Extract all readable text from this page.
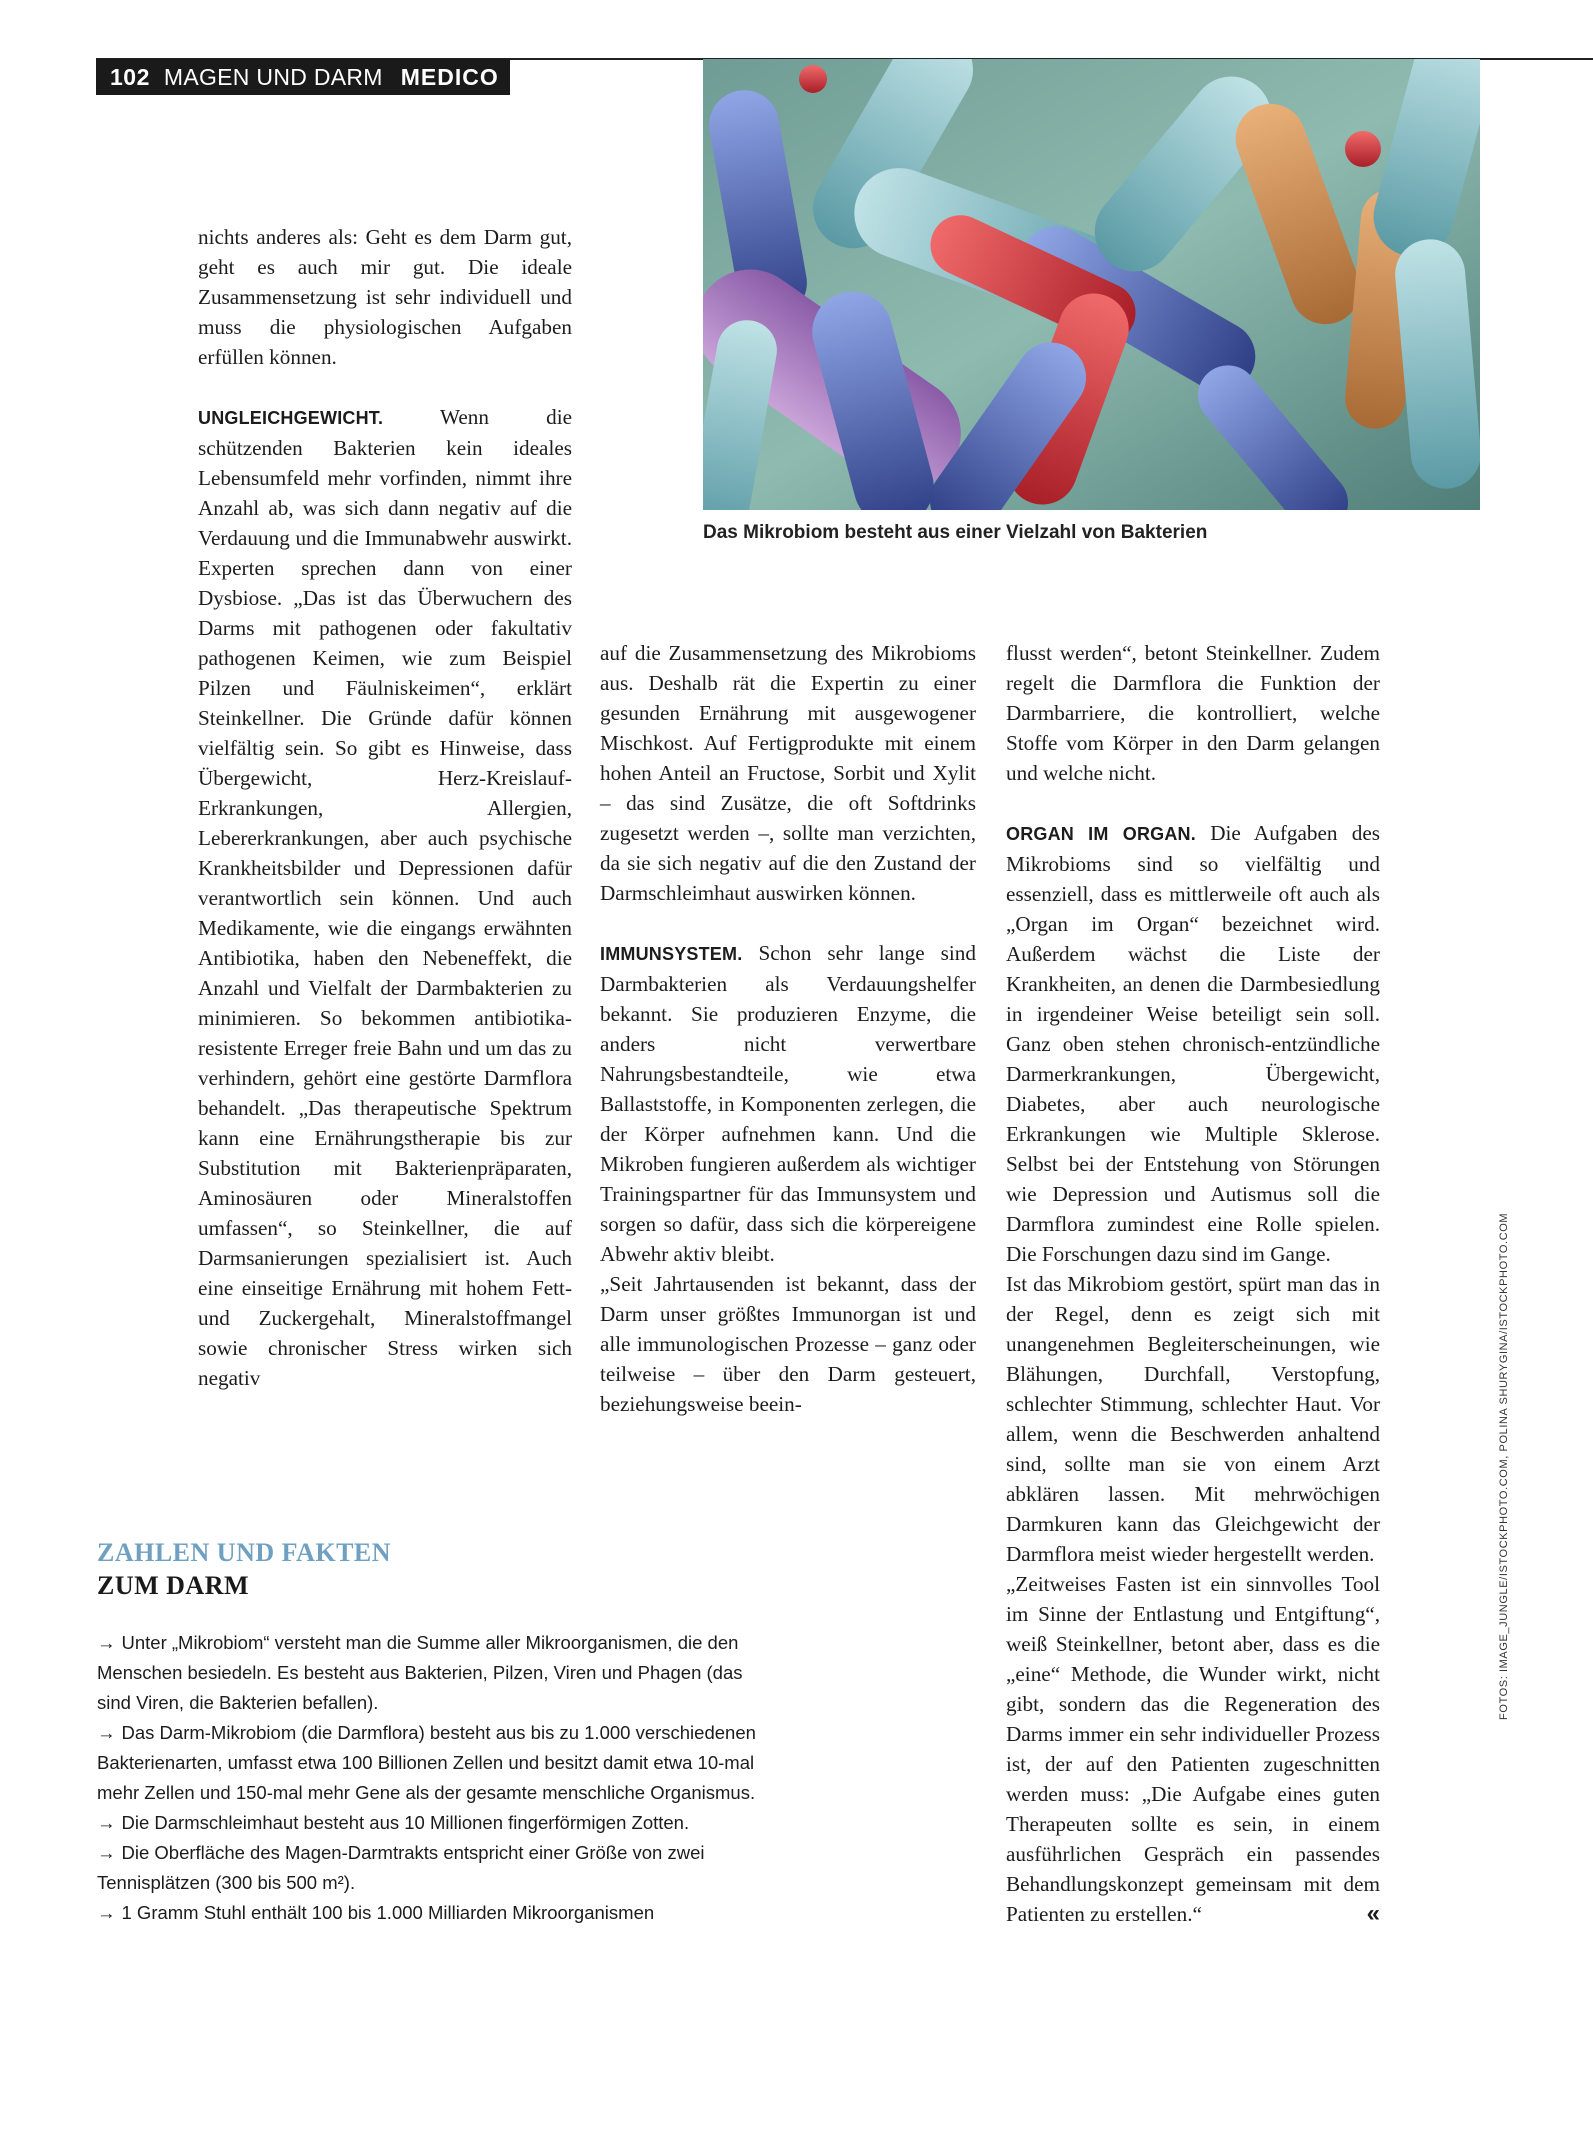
102 MAGEN UND DARM MEDICO
Das Mikrobiom besteht aus einer Vielzahl von Bakterien

nichts anderes als: Geht es dem Darm gut, geht es auch mir gut. Die ideale Zusammensetzung ist sehr individuell und muss die physiologischen Aufgaben erfüllen können.

UNGLEICHGEWICHT.	Wenn die schützenden Bakterien kein ideales Lebensumfeld mehr vorfinden, nimmt ihre Anzahl ab, was sich dann negativ auf die Verdauung und die Immunabwehr auswirkt. Experten sprechen dann von einer Dysbiose. „Das ist das Überwuchern des Darms mit pathogenen oder fakultativ pathogenen Keimen, wie zum Beispiel Pilzen und Fäulniskeimen“, erklärt Steinkellner. Die Gründe dafür können vielfältig sein. So gibt es Hinweise, dass Übergewicht, Herz-Kreislauf-Erkrankungen, Allergien, Lebererkrankungen, aber auch psychische Krankheitsbilder und Depressionen dafür verantwortlich sein können. Und auch Medikamente, wie die eingangs erwähnten Antibiotika, haben den Nebeneffekt, die Anzahl und Vielfalt der Darmbakterien zu minimieren. So bekommen antibiotika-resistente Erreger freie Bahn und um das zu verhindern, gehört eine gestörte Darmflora behandelt. „Das therapeutische Spektrum kann eine Ernährungstherapie bis zur Substitution mit Bakterienpräparaten, Aminosäuren oder Mineralstoffen umfassen“, so Steinkellner, die auf Darmsanierungen spezialisiert ist. Auch eine einseitige Ernährung mit hohem Fett- und Zuckergehalt, Mineralstoffmangel sowie chronischer Stress wirken sich negativ

auf die Zusammensetzung des Mikrobioms aus. Deshalb rät die Expertin zu einer gesunden Ernährung mit ausgewogener Mischkost. Auf Fertigprodukte mit einem hohen Anteil an Fructose, Sorbit und Xylit – das sind Zusätze, die oft Softdrinks zugesetzt werden –, sollte man verzichten, da sie sich negativ auf die den Zustand der Darmschleimhaut auswirken können.

IMMUNSYSTEM. Schon sehr lange sind Darmbakterien als Verdauungshelfer bekannt. Sie produzieren Enzyme, die anders nicht verwertbare Nahrungsbestandteile, wie etwa Ballaststoffe, in Komponenten zerlegen, die der Körper aufnehmen kann. Und die Mikroben fungieren außerdem als wichtiger Trainingspartner für das Immunsystem und sorgen so dafür, dass sich die körpereigene Abwehr aktiv bleibt.

„Seit Jahrtausenden ist bekannt, dass der Darm unser größtes Immunorgan ist und alle immunologischen Prozesse – ganz oder teilweise – über den Darm gesteuert, beziehungsweise beein-

flusst werden“, betont Steinkellner. Zudem regelt die Darmflora die Funktion der Darmbarriere, die kontrolliert, welche Stoffe vom Körper in den Darm gelangen und welche nicht.

ORGAN IM ORGAN. Die Aufgaben des Mikrobioms sind so vielfältig und essenziell, dass es mittlerweile oft auch als „Organ im Organ“ bezeichnet wird. Außerdem wächst die Liste der Krankheiten, an denen die Darmbesiedlung in irgendeiner Weise beteiligt sein soll. Ganz oben stehen chronisch-entzündliche Darmerkrankungen, Übergewicht, Diabetes, aber auch neurologische Erkrankungen wie Multiple Sklerose. Selbst bei der Entstehung von Störungen wie Depression und Autismus soll die Darmflora zumindest eine Rolle spielen. Die Forschungen dazu sind im Gange.

Ist das Mikrobiom gestört, spürt man das in der Regel, denn es zeigt sich mit unangenehmen Begleiterscheinungen, wie Blähungen, Durchfall, Verstopfung, schlechter Stimmung, schlechter Haut. Vor allem, wenn die Beschwerden anhaltend sind, sollte man sie von einem Arzt abklären lassen. Mit mehrwöchigen Darmkuren kann das Gleichgewicht der Darmflora meist wieder hergestellt werden.

„Zeitweises Fasten ist ein sinnvolles Tool im Sinne der Entlastung und Entgiftung“, weiß Steinkellner, betont aber, dass es die „eine“ Methode, die Wunder wirkt, nicht gibt, sondern das die Regeneration des Darms immer ein sehr individueller Prozess ist, der auf den Patienten zugeschnitten werden muss: „Die Aufgabe eines guten Therapeuten sollte es sein, in einem ausführlichen Gespräch ein passendes Behandlungskonzept gemeinsam mit dem Patienten zu erstellen.“	«

ZAHLEN UND FAKTEN
ZUM DARM

→ Unter „Mikrobiom“ versteht man die Summe aller Mikroorganismen, die den Menschen besiedeln. Es besteht aus Bakterien, Pilzen, Viren und Phagen (das sind Viren, die Bakterien befallen).

→ Das Darm-Mikrobiom (die Darmflora) besteht aus bis zu 1.000 verschiedenen Bakterienarten, umfasst etwa 100 Billionen Zellen und besitzt damit etwa 10-mal mehr Zellen und 150-mal mehr Gene als der gesamte menschliche Organismus.

→ Die Darmschleimhaut besteht aus 10 Millionen fingerförmigen Zotten.

→ Die Oberfläche des Magen-Darmtrakts entspricht einer Größe von zwei Tennisplätzen (300 bis 500 m²).

→ 1 Gramm Stuhl enthält 100 bis 1.000 Milliarden Mikroorganismen

FOTOS: IMAGE_JUNGLE/ISTOCKPHOTO.COM, POLINA SHURYGINA/ISTOCKPHOTO.COM
